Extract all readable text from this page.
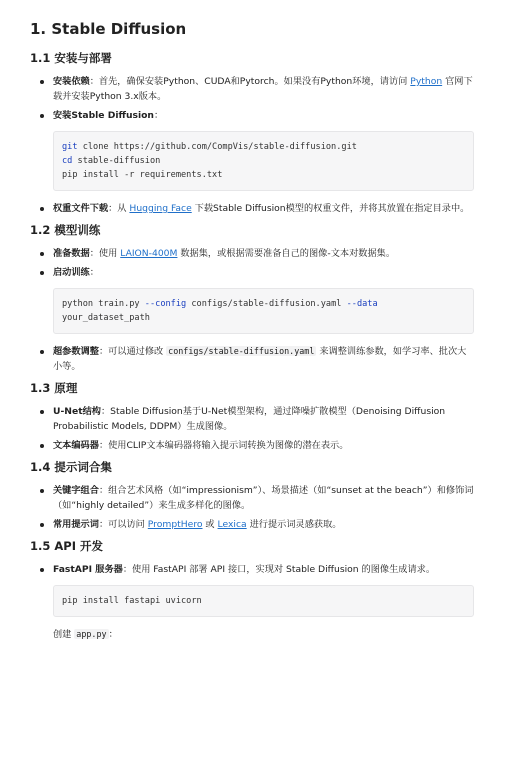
1. Stable Diffusion
1.1 安装与部署
安装依赖：首先，确保安装Python、CUDA和Pytorch。如果没有Python环境，请访问 Python 官网下载并安装Python 3.x版本。
安装Stable Diffusion：
git clone https://github.com/CompVis/stable-diffusion.git
cd stable-diffusion
pip install -r requirements.txt
权重文件下载：从 Hugging Face 下载Stable Diffusion模型的权重文件，并将其放置在指定目录中。
1.2 模型训练
准备数据：使用 LAION-400M 数据集，或根据需要准备自己的图像-文本对数据集。
启动训练：
python train.py --config configs/stable-diffusion.yaml --data
your_dataset_path
超参数调整：可以通过修改 configs/stable-diffusion.yaml 来调整训练参数，如学习率、批次大小等。
1.3 原理
U-Net结构：Stable Diffusion基于U-Net模型架构，通过降噪扩散模型（Denoising Diffusion Probabilistic Models, DDPM）生成图像。
文本编码器：使用CLIP文本编码器将输入提示词转换为图像的潜在表示。
1.4 提示词合集
关键字组合：组合艺术风格（如“impressionism”）、场景描述（如“sunset at the beach”）和修饰词（如“highly detailed”）来生成多样化的图像。
常用提示词：可以访问 PromptHero 或 Lexica 进行提示词灵感获取。
1.5 API 开发
FastAPI 服务器：使用 FastAPI 部署 API 接口，实现对 Stable Diffusion 的图像生成请求。
pip install fastapi uvicorn

创建 app.py ：
